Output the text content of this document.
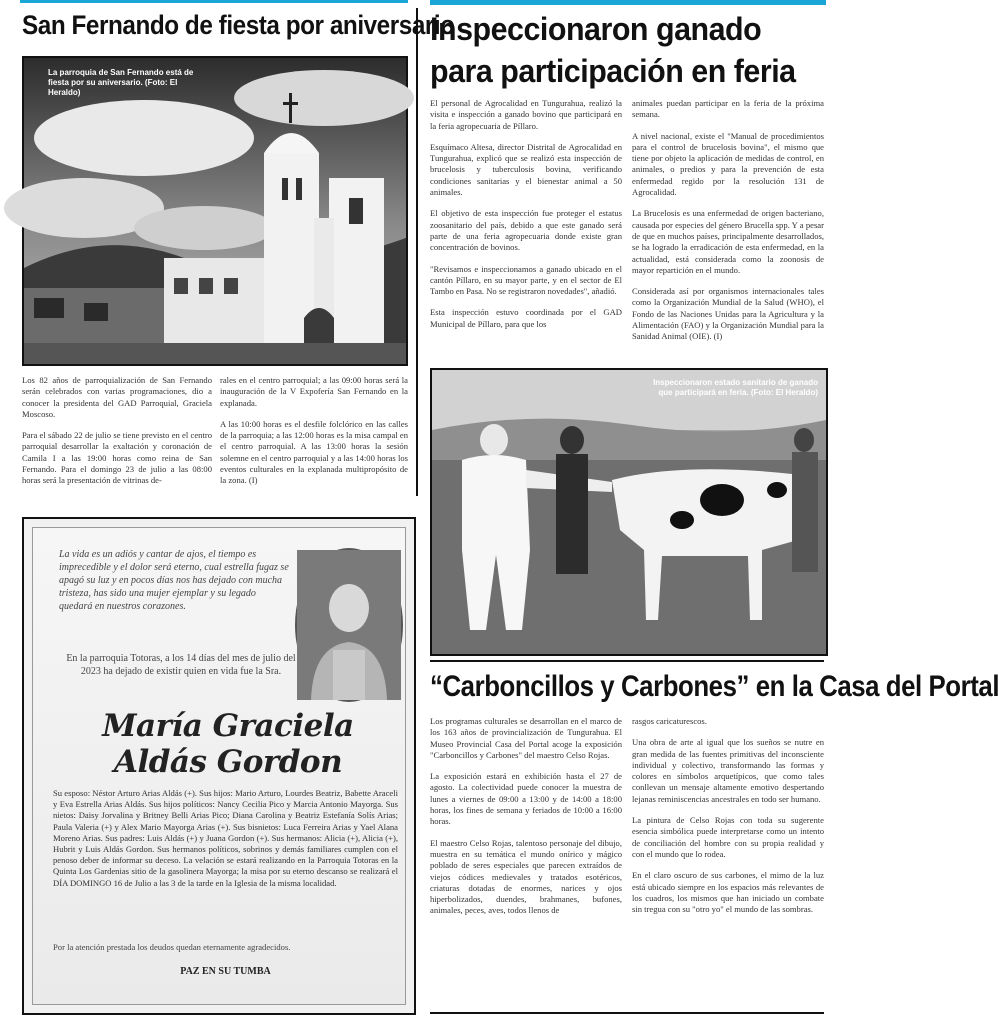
San Fernando de fiesta por aniversario
La parroquia de San Fernando está de fiesta por su aniversario. (Foto: El Heraldo)

Los 82 años de parroquialización de San Fernando serán celebrados con varias programaciones, dio a conocer la presidenta del GAD Parroquial, Graciela Moscoso.

Para el sábado 22 de julio se tiene previsto en el centro parroquial desarrollar la exaltación y coronación de Camila I a las 19:00 horas como reina de San Fernando. Para el domingo 23 de julio a las 08:00 horas será la presentación de vitrinas de-

rales en el centro parroquial; a las 09:00 horas será la inauguración de la V Expofería San Fernando en la explanada.

A las 10:00 horas es el desfile folclórico en las calles de la parroquia; a las 12:00 horas es la misa campal en el centro parroquial. A las 13:00 horas la sesión solemne en el centro parroquial y a las 14:00 horas los eventos culturales en la explanada multipropósito de la zona. (I)

La vida es un adiós y cantar de ajos, el tiempo es imprecedible y el dolor será eterno, cual estrella fugaz se apagó su luz y en pocos días nos has dejado con mucha tristeza, has sido una mujer ejemplar y su legado quedará en nuestros corazones.
En la parroquia Totoras, a los 14 días del mes de julio del 2023 ha dejado de existir quien en vida fue la Sra.
María Graciela Aldás Gordon
Su esposo: Néstor Arturo Arias Aldás (+). Sus hijos: Mario Arturo, Lourdes Beatriz, Babette Araceli y Eva Estrella Arias Aldás. Sus hijos políticos: Nancy Cecilia Pico y Marcia Antonio Mayorga. Sus nietos: Daisy Jorvalina y Britney Belli Arias Pico; Diana Carolina y Beatriz Estefanía Solís Arias; Paula Valeria (+) y Alex Mario Mayorga Arias (+). Sus bisnietos: Luca Ferreira Arias y Yael Alana Moreno Arias. Sus padres: Luis Aldás (+) y Juana Gordon (+). Sus hermanos: Alicia (+), Alicia (+), Hubrit y Luis Aldás Gordon. Sus hermanos políticos, sobrinos y demás familiares cumplen con el penoso deber de informar su deceso. La velación se estará realizando en la Parroquia Totoras en la Quinta Los Gardenias sitio de la gasolinera Mayorga; la misa por su eterno descanso se realizará el DÍA DOMINGO 16 de Julio a las 3 de la tarde en la Iglesia de la misma localidad.
Por la atención prestada los deudos quedan eternamente agradecidos.
PAZ EN SU TUMBA
Inspeccionaron ganado para participación en feria

El personal de Agrocalidad en Tungurahua, realizó la visita e inspección a ganado bovino que participará en la feria agropecuaria de Píllaro.

Esquímaco Altesa, director Distrital de Agrocalidad en Tungurahua, explicó que se realizó esta inspección de brucelosis y tuberculosis bovina, verificando condiciones sanitarias y el bienestar animal a 50 animales.

El objetivo de esta inspección fue proteger el estatus zoosanitario del país, debido a que este ganado será parte de una feria agropecuaria donde existe gran concentración de bovinos.

"Revisamos e inspeccionamos a ganado ubicado en el cantón Píllaro, en su mayor parte, y en el sector de El Tambo en Pasa. No se registraron novedades", añadió.

Esta inspección estuvo coordinada por el GAD Municipal de Píllaro, para que los

animales puedan participar en la feria de la próxima semana.

A nivel nacional, existe el "Manual de procedimientos para el control de brucelosis bovina", el mismo que tiene por objeto la aplicación de medidas de control, en animales, o predios y para la prevención de esta enfermedad regido por la resolución 131 de Agrocalidad.

La Brucelosis es una enfermedad de origen bacteriano, causada por especies del género Brucella spp. Y a pesar de que en muchos países, principalmente desarrollados, se ha logrado la erradicación de esta enfermedad, en la actualidad, está considerada como la zoonosis de mayor repartición en el mundo.

Considerada así por organismos internacionales tales como la Organización Mundial de la Salud (WHO), el Fondo de las Naciones Unidas para la Agricultura y la Alimentación (FAO) y la Organización Mundial para la Sanidad Animal (OIE). (I)

Inspeccionaron estado sanitario de ganado que participará en feria. (Foto: El Heraldo)
“Carboncillos y Carbones” en la Casa del Portal

Los programas culturales se desarrollan en el marco de los 163 años de provincialización de Tungurahua. El Museo Provincial Casa del Portal acoge la exposición "Carboncillos y Carbones" del maestro Celso Rojas.

La exposición estará en exhibición hasta el 27 de agosto. La colectividad puede conocer la muestra de lunes a viernes de 09:00 a 13:00 y de 14:00 a 18:00 horas, los fines de semana y feriados de 10:00 a 16:00 horas.

El maestro Celso Rojas, talentoso personaje del dibujo, muestra en su temática el mundo onírico y mágico poblado de seres especiales que parecen extraídos de viejos códices medievales y tratados esotéricos, criaturas dotadas de enormes, narices y ojos hiperbolizados, duendes, brahmanes, bufones, animales, peces, aves, todos llenos de

rasgos caricaturescos.

Una obra de arte al igual que los sueños se nutre en gran medida de las fuentes primitivas del inconsciente individual y colectivo, transformando las formas y colores en símbolos arquetípicos, que como tales conllevan un mensaje altamente emotivo despertando lejanas reminiscencias ancestrales en todo ser humano.

La pintura de Celso Rojas con toda su sugerente esencia simbólica puede interpretarse como un intento de conciliación del hombre con su propia realidad y con el mundo que lo rodea.

En el claro oscuro de sus carbones, el mimo de la luz está ubicado siempre en los espacios más relevantes de los cuadros, los mismos que han iniciado un combate sin tregua con su "otro yo" el mundo de las sombras.
